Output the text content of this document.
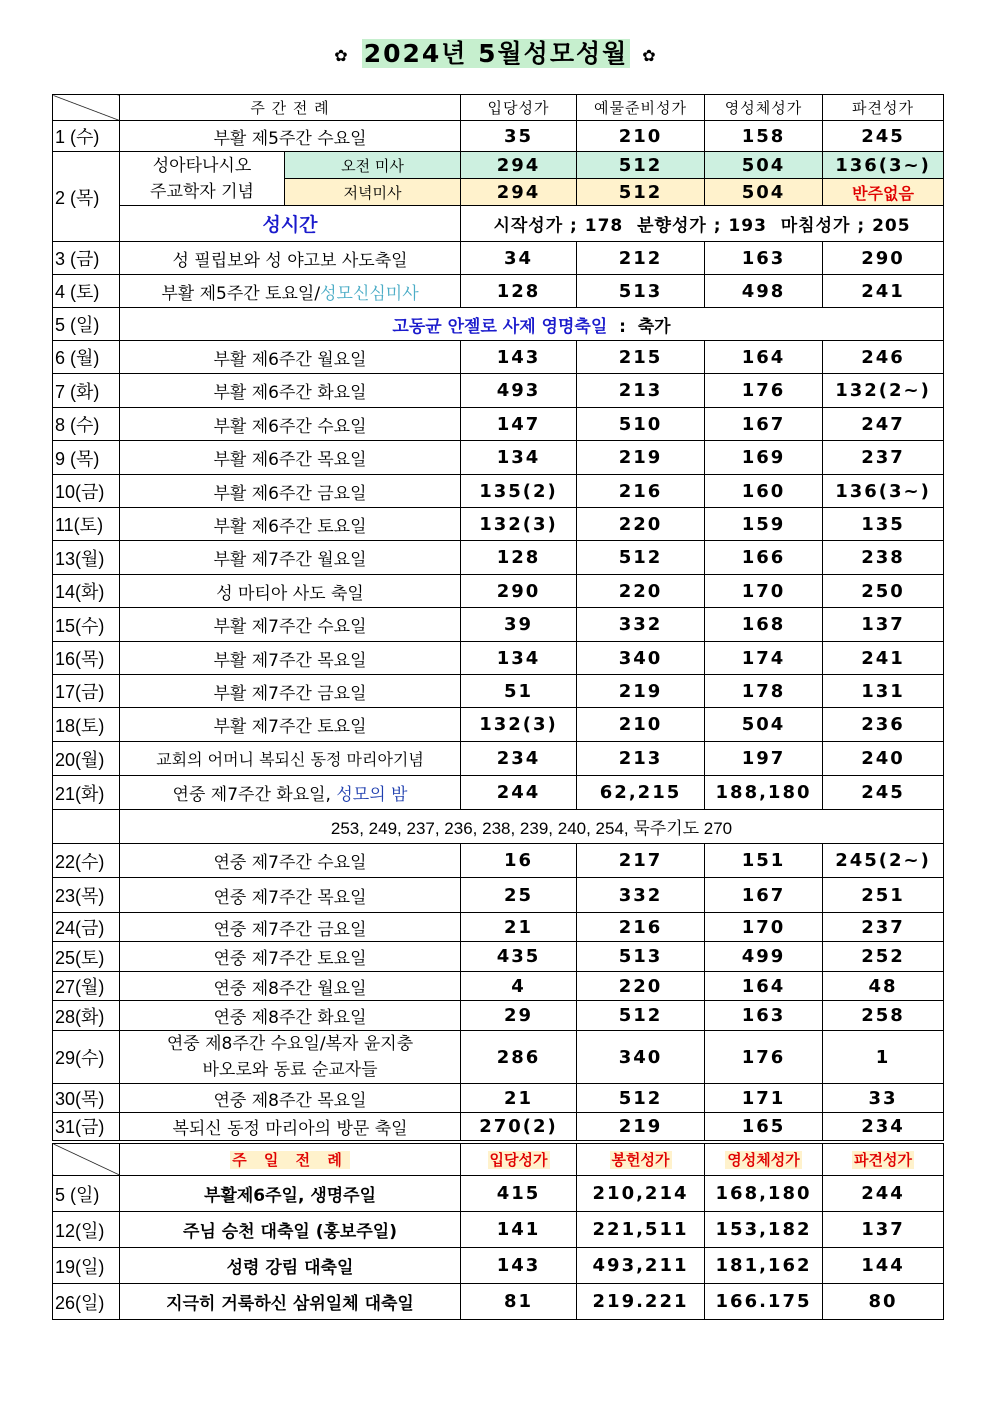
✿ 2024년 5월성모성월 ✿
	주 간 전 례		입당성가	예물준비성가	영성체성가	파견성가
1 (수)	부활 제5주간 수요일		35	210	158	245
2 (목)	성아타나시오
주교학자 기념	오전 미사	294	512	504	136(3~)
		저녁미사	294	512	504	반주없음
	성시간		시작성가 ; 178  분향성가 ; 193  마침성가 ; 205			
3 (금)	성 필립보와 성 야고보 사도축일		34	212	163	290
4 (토)	부활 제5주간 토요일/성모신심미사		128	513	498	241
5 (일)	고동균 안젤로 사제 영명축일  :  축가					
6 (월)	부활 제6주간 월요일		143	215	164	246
7 (화)	부활 제6주간 화요일		493	213	176	132(2~)
8 (수)	부활 제6주간 수요일		147	510	167	247
9 (목)	부활 제6주간 목요일		134	219	169	237
10(금)	부활 제6주간 금요일		135(2)	216	160	136(3~)
11(토)	부활 제6주간 토요일		132(3)	220	159	135
13(월)	부활 제7주간 월요일		128	512	166	238
14(화)	성 마티아 사도 축일		290	220	170	250
15(수)	부활 제7주간 수요일		39	332	168	137
16(목)	부활 제7주간 목요일		134	340	174	241
17(금)	부활 제7주간 금요일		51	219	178	131
18(토)	부활 제7주간 토요일		132(3)	210	504	236
20(월)	교회의 어머니 복되신 동정 마리아기념		234	213	197	240
21(화)	연중 제7주간 화요일, 성모의 밤		244	62,215	188,180	245
	253, 249, 237, 236, 238, 239, 240, 254, 묵주기도 270					
22(수)	연중 제7주간 수요일		16	217	151	245(2~)
23(목)	연중 제7주간 목요일		25	332	167	251
24(금)	연중 제7주간 금요일		21	216	170	237
25(토)	연중 제7주간 토요일		435	513	499	252
27(월)	연중 제8주간 월요일		4	220	164	48
28(화)	연중 제8주간 화요일		29	512	163	258
29(수)	연중 제8주간 수요일/복자 윤지충
바오로와 동료 순교자들		286	340	176	1
30(목)	연중 제8주간 목요일		21	512	171	33
31(금)	복되신 동정 마리아의 방문 축일		270(2)	219	165	234
	주 일 전 례		입당성가	봉헌성가	영성체성가	파견성가
5 (일)	부활제6주일, 생명주일		415	210,214	168,180	244
12(일)	주님 승천 대축일 (홍보주일)		141	221,511	153,182	137
19(일)	성령 강림 대축일		143	493,211	181,162	144
26(일)	지극히 거룩하신 삼위일체 대축일		81	219.221	166.175	80
